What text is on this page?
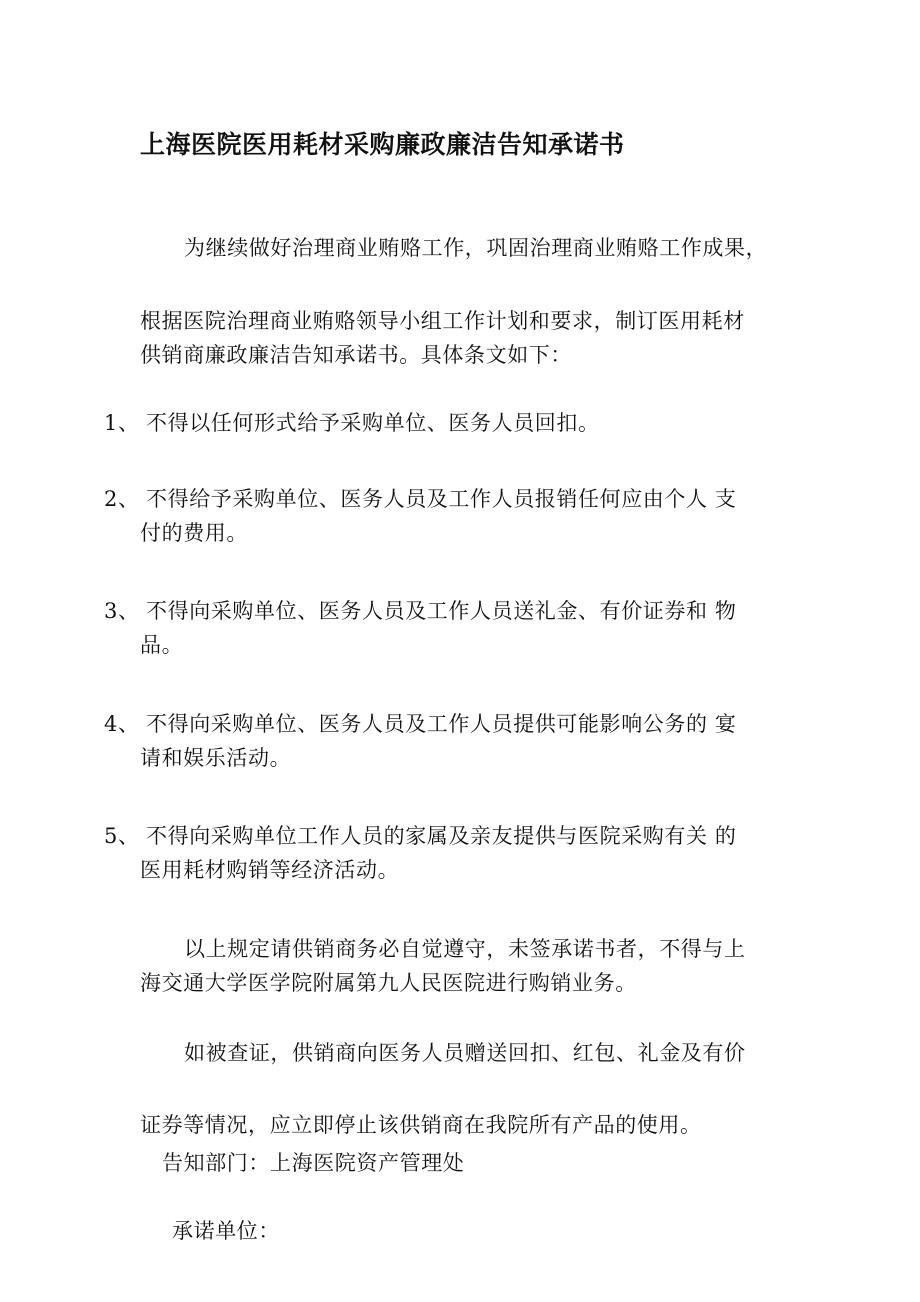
上海医院医用耗材采购廉政廉洁告知承诺书
为继续做好治理商业贿赂工作，巩固治理商业贿赂工作成果，
根据医院治理商业贿赂领导小组工作计划和要求，制订医用耗材
供销商廉政廉洁告知承诺书。具体条文如下：
1、 不得以任何形式给予采购单位、医务人员回扣。
2、 不得给予采购单位、医务人员及工作人员报销任何应由个人 支
付的费用。
3、 不得向采购单位、医务人员及工作人员送礼金、有价证券和 物
品。
4、 不得向采购单位、医务人员及工作人员提供可能影响公务的 宴
请和娱乐活动。
5、 不得向采购单位工作人员的家属及亲友提供与医院采购有关 的
医用耗材购销等经济活动。
以上规定请供销商务必自觉遵守，未签承诺书者，不得与上
海交通大学医学院附属第九人民医院进行购销业务。
如被查证，供销商向医务人员赠送回扣、红包、礼金及有价
证券等情况，应立即停止该供销商在我院所有产品的使用。
告知部门：上海医院资产管理处
承诺单位：
